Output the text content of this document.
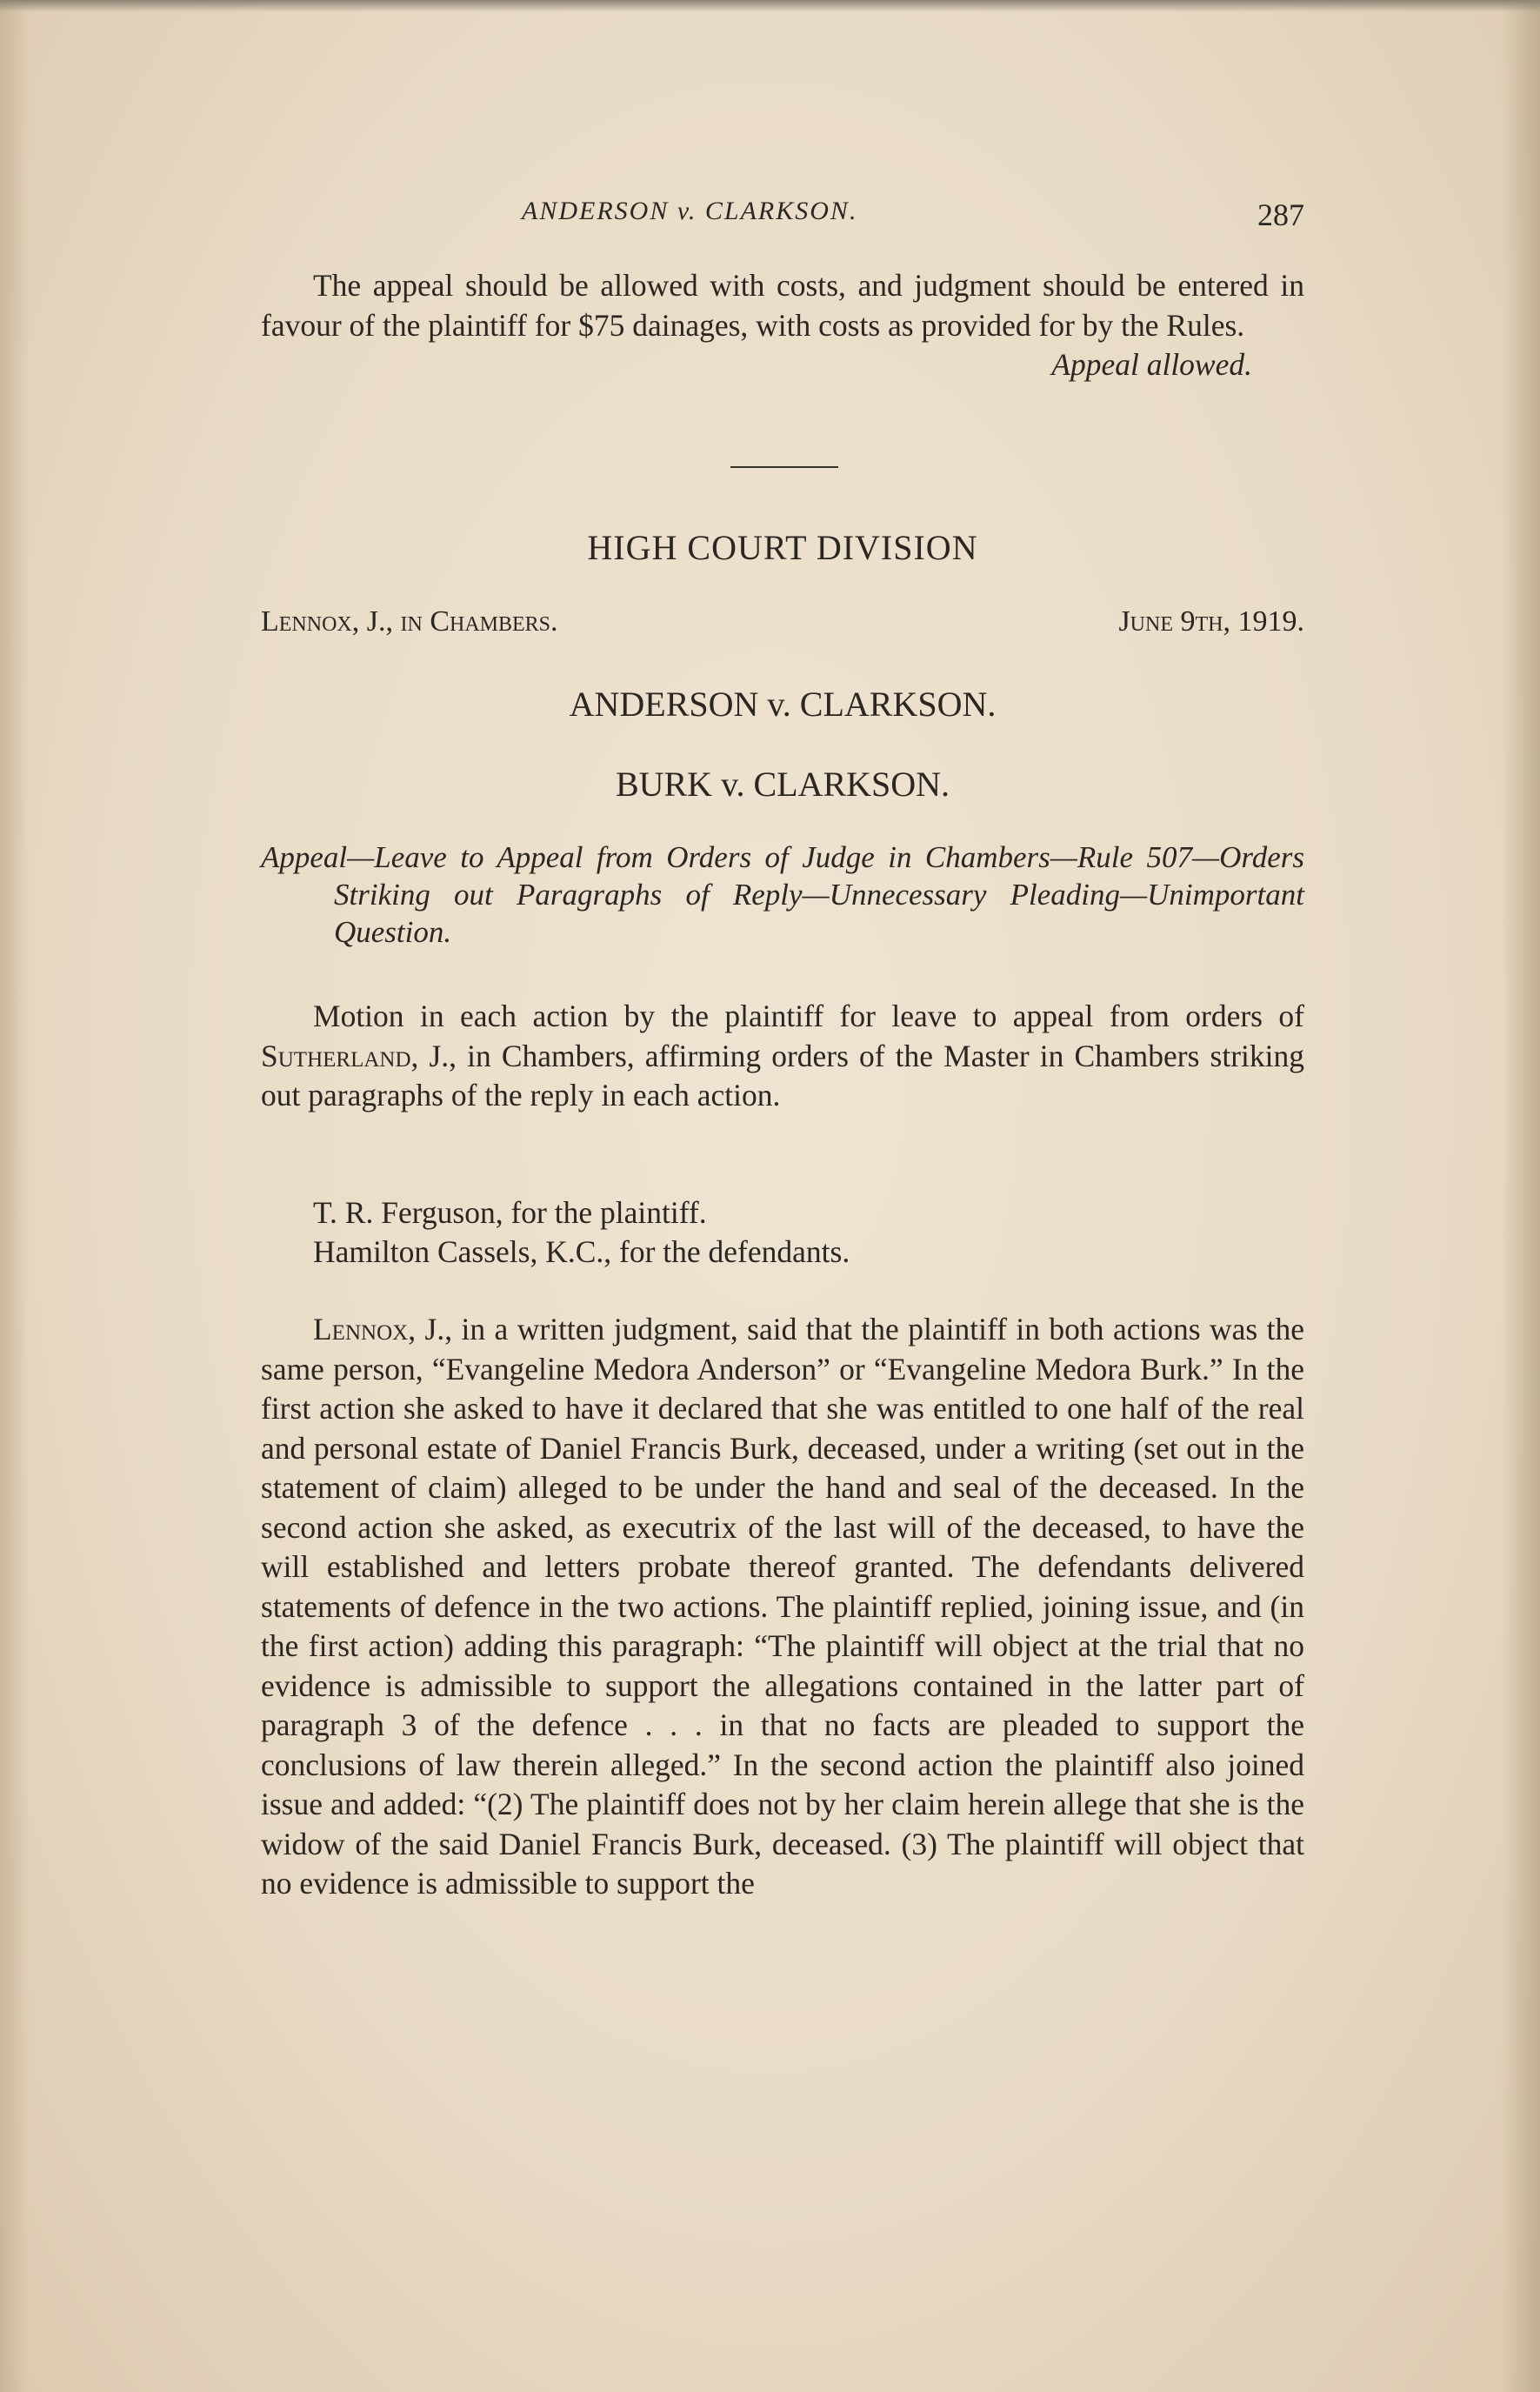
ANDERSON v. CLARKSON.	287

The appeal should be allowed with costs, and judgment should be entered in favour of the plaintiff for $75 dainages, with costs as provided for by the Rules.

Appeal allowed.

HIGH COURT DIVISION
Lennox, J., in Chambers.	June 9th, 1919.
ANDERSON v. CLARKSON.
BURK v. CLARKSON.

Appeal—Leave to Appeal from Orders of Judge in Chambers—Rule 507—Orders Striking out Paragraphs of Reply—Unnecessary Pleading—Unimportant Question.

Motion in each action by the plaintiff for leave to appeal from orders of Sutherland, J., in Chambers, affirming orders of the Master in Chambers striking out paragraphs of the reply in each action.

T. R. Ferguson, for the plaintiff.
Hamilton Cassels, K.C., for the defendants.

Lennox, J., in a written judgment, said that the plaintiff in both actions was the same person, “Evangeline Medora Anderson” or “Evangeline Medora Burk.” In the first action she asked to have it declared that she was entitled to one half of the real and personal estate of Daniel Francis Burk, deceased, under a writing (set out in the statement of claim) alleged to be under the hand and seal of the deceased. In the second action she asked, as executrix of the last will of the deceased, to have the will established and letters probate thereof granted. The defendants delivered statements of defence in the two actions. The plaintiff replied, joining issue, and (in the first action) adding this paragraph: “The plaintiff will object at the trial that no evidence is admissible to support the allegations contained in the latter part of paragraph 3 of the defence . . . in that no facts are pleaded to support the conclusions of law therein alleged.” In the second action the plaintiff also joined issue and added: “(2) The plaintiff does not by her claim herein allege that she is the widow of the said Daniel Francis Burk, deceased. (3) The plaintiff will object that no evidence is admissible to support the
